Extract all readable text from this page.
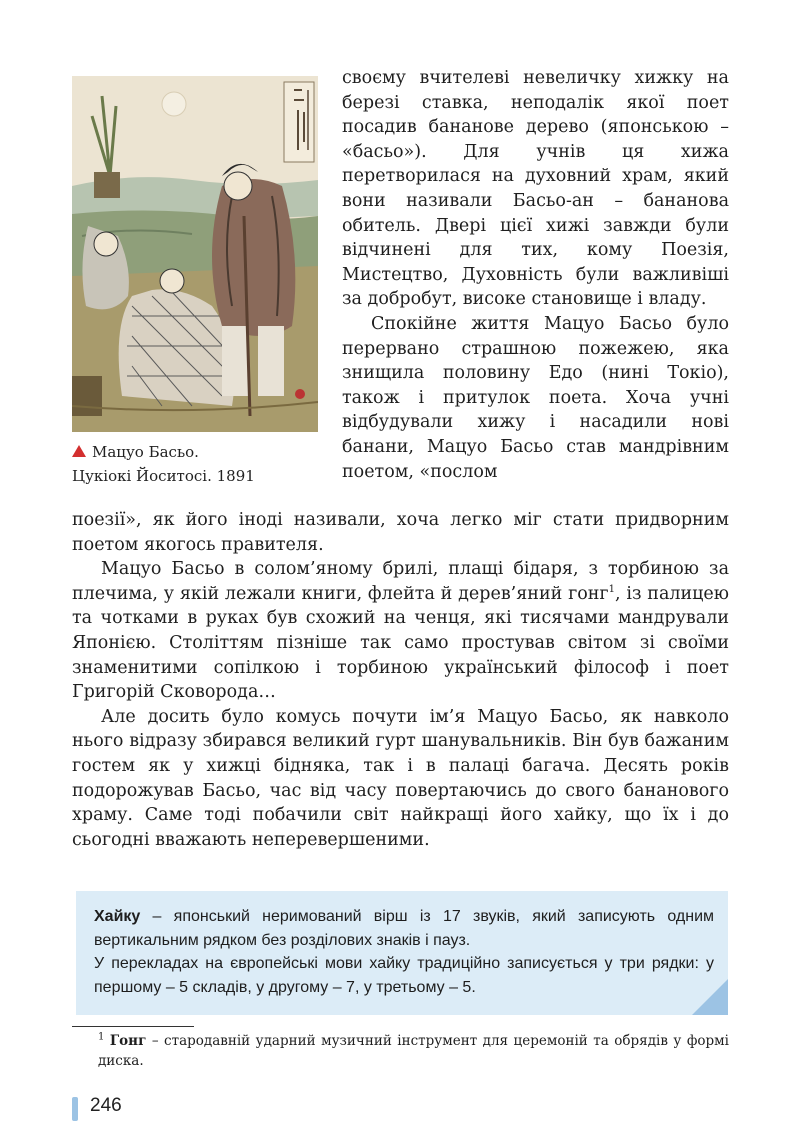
Мацуо Басьо.
Цукіокі Йоситосі. 1891

своєму вчителеві невеличку хижку на березі ставка, неподалік якої поет посадив бананове дерево (японською – «басьо»). Для учнів ця хижа перетворилася на духовний храм, який вони називали Басьо-ан – бананова обитель. Двері цієї хижі завжди були відчинені для тих, кому Поезія, Мистецтво, Духовність були важливіші за добробут, високе становище і владу.

Спокійне життя Мацуо Басьо було перервано страшною пожежею, яка знищила половину Едо (нині Токіо), також і притулок поета. Хоча учні відбудували хижу і насадили нові банани, Мацуо Басьо став мандрівним поетом, «послом

поезії», як його іноді називали, хоча легко міг стати придворним поетом якогось правителя.

Мацуо Басьо в солом’яному брилі, плащі бідаря, з торбиною за плечима, у якій лежали книги, флейта й дерев’яний гонг$^1$, із палицею та чотками в руках був схожий на ченця, які тисячами мандрували Японією. Століттям пізніше так само простував світом зі своїми знаменитими сопілкою і торбиною український філософ і поет Григорій Сковорода…

Але досить було комусь почути ім’я Мацуо Басьо, як навколо нього відразу збирався великий гурт шанувальників. Він був бажаним гостем як у хижці бідняка, так і в палаці багача. Десять років подорожував Басьо, час від часу повертаючись до свого бананового храму. Саме тоді побачили світ найкращі його хайку, що їх і до сьогодні вважають неперевершеними.

Хайку – японський неримований вірш із 17 звуків, який записують одним вертикальним рядком без розділових знаків і пауз.
У перекладах на європейські мови хайку традиційно записується у три рядки: у першому – 5 складів, у другому – 7, у третьому – 5.
$^1$ Гонг – стародавній ударний музичний інструмент для церемоній та обрядів у формі диска.
246
